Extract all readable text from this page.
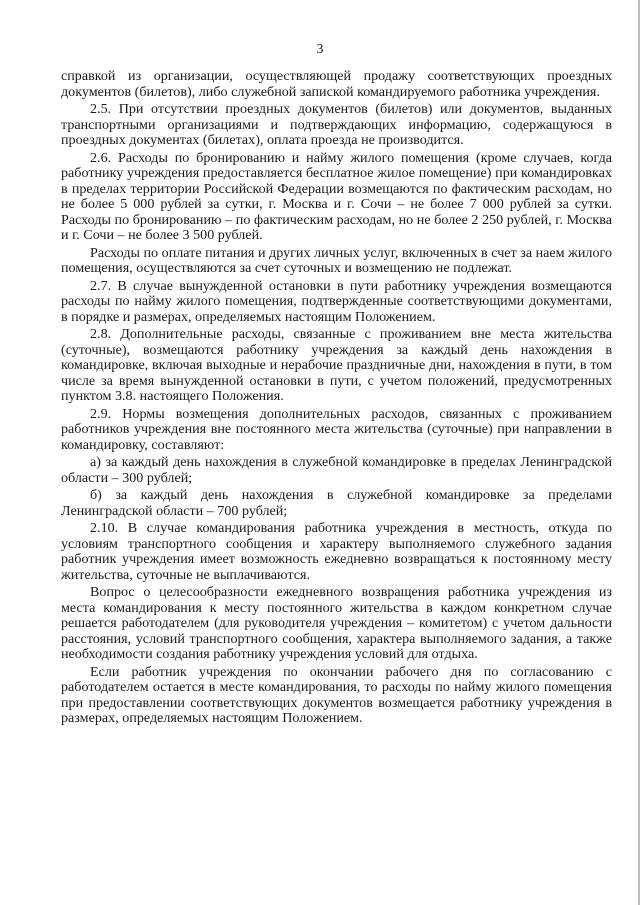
3

справкой из организации, осуществляющей продажу соответствующих проездных документов (билетов), либо служебной запиской командируемого работника учреждения.

2.5. При отсутствии проездных документов (билетов) или документов, выданных транспортными организациями и подтверждающих информацию, содержащуюся в проездных документах (билетах), оплата проезда не производится.

2.6. Расходы по бронированию и найму жилого помещения (кроме случаев, когда работнику учреждения предоставляется бесплатное жилое помещение) при командировках в пределах территории Российской Федерации возмещаются по фактическим расходам, но не более 5 000 рублей за сутки, г. Москва и г. Сочи – не более 7 000 рублей за сутки. Расходы по бронированию – по фактическим расходам, но не более 2 250 рублей, г. Москва и г. Сочи – не более 3 500 рублей.

Расходы по оплате питания и других личных услуг, включенных в счет за наем жилого помещения, осуществляются за счет суточных и возмещению не подлежат.

2.7. В случае вынужденной остановки в пути работнику учреждения возмещаются расходы по найму жилого помещения, подтвержденные соответствующими документами, в порядке и размерах, определяемых настоящим Положением.

2.8. Дополнительные расходы, связанные с проживанием вне места жительства (суточные), возмещаются работнику учреждения за каждый день нахождения в командировке, включая выходные и нерабочие праздничные дни, нахождения в пути, в том числе за время вынужденной остановки в пути, с учетом положений, предусмотренных пунктом 3.8. настоящего Положения.

2.9. Нормы возмещения дополнительных расходов, связанных с проживанием работников учреждения вне постоянного места жительства (суточные) при направлении в командировку, составляют:

а) за каждый день нахождения в служебной командировке в пределах Ленинградской области – 300 рублей;

б) за каждый день нахождения в служебной командировке за пределами Ленинградской области – 700 рублей;

2.10. В случае командирования работника учреждения в местность, откуда по условиям транспортного сообщения и характеру выполняемого служебного задания работник учреждения имеет возможность ежедневно возвращаться к постоянному месту жительства, суточные не выплачиваются.

Вопрос о целесообразности ежедневного возвращения работника учреждения из места командирования к месту постоянного жительства в каждом конкретном случае решается работодателем (для руководителя учреждения – комитетом) с учетом дальности расстояния, условий транспортного сообщения, характера выполняемого задания, а также необходимости создания работнику учреждения условий для отдыха.

Если работник учреждения по окончании рабочего дня по согласованию с работодателем остается в месте командирования, то расходы по найму жилого помещения при предоставлении соответствующих документов возмещается работнику учреждения в размерах, определяемых настоящим Положением.
